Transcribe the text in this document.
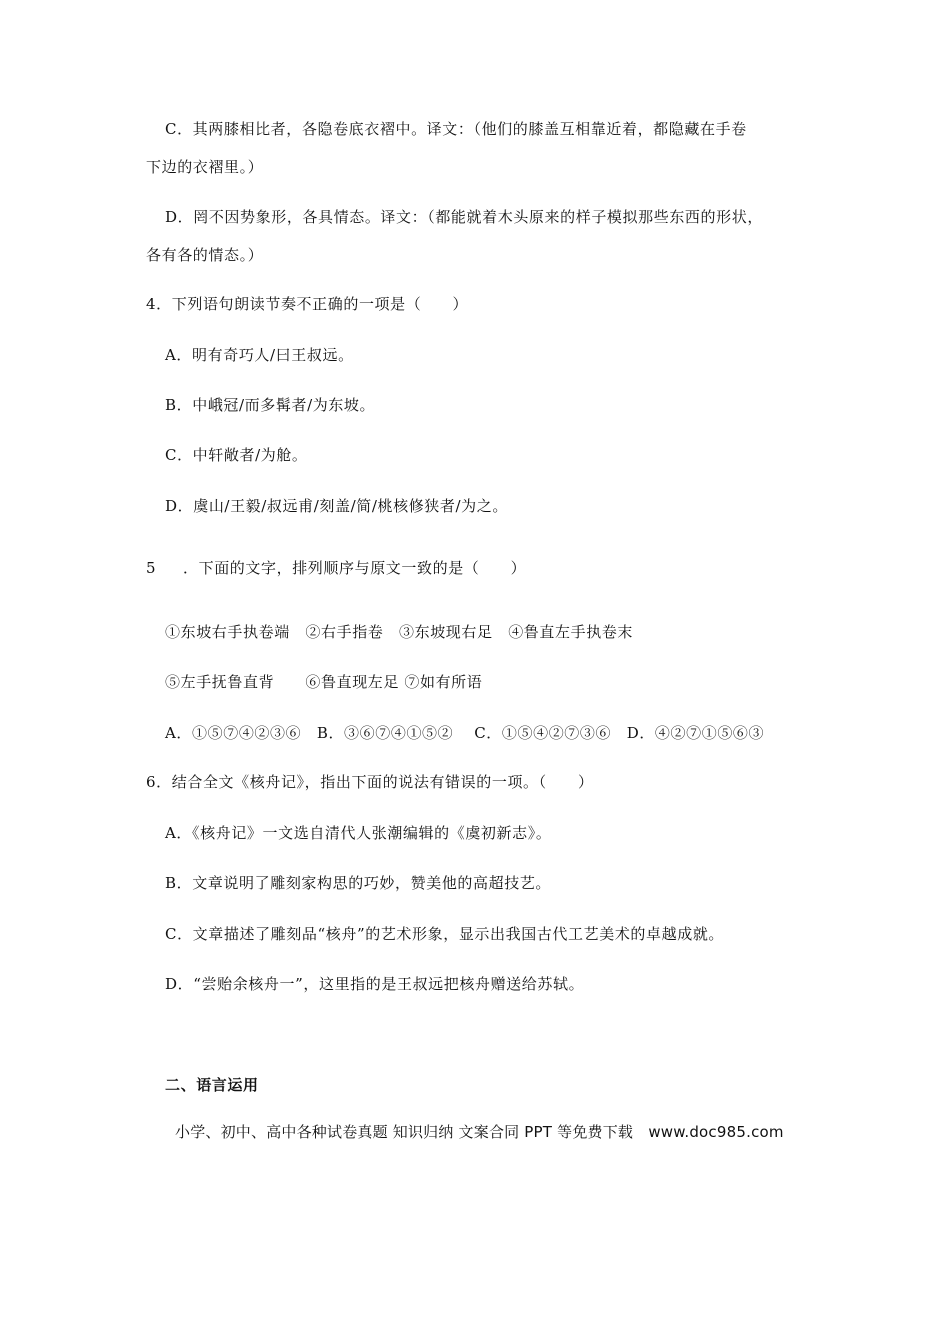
C．其两膝相比者，各隐卷底衣褶中。译文：（他们的膝盖互相靠近着，都隐藏在手卷
下边的衣褶里。）
D．罔不因势象形，各具情态。译文：（都能就着木头原来的样子模拟那些东西的形状，
各有各的情态。）
4．下列语句朗读节奏不正确的一项是（　　）
A．明有奇巧人/曰王叔远。
B．中峨冠/而多髯者/为东坡。
C．中轩敞者/为舱。
D．虞山/王毅/叔远甫/刻盖/简/桃核修狭者/为之。
5 ．下面的文字，排列顺序与原文一致的是（　　）
①东坡右手执卷端　②右手指卷　③东坡现右足　④鲁直左手执卷末
⑤左手抚鲁直背　　⑥鲁直现左足 ⑦如有所语
A．①⑤⑦④②③⑥　B．③⑥⑦④①⑤②　 C．①⑤④②⑦③⑥　D．④②⑦①⑤⑥③
6．结合全文《核舟记》，指出下面的说法有错误的一项。（　　）
A．《核舟记》一文选自清代人张潮编辑的《虞初新志》。
B．文章说明了雕刻家构思的巧妙，赞美他的高超技艺。
C．文章描述了雕刻品“核舟”的艺术形象，显示出我国古代工艺美术的卓越成就。
D．“尝贻余核舟一”，这里指的是王叔远把核舟赠送给苏轼。
二、语言运用
小学、初中、高中各种试卷真题 知识归纳 文案合同 PPT 等免费下载　www.doc985.com
